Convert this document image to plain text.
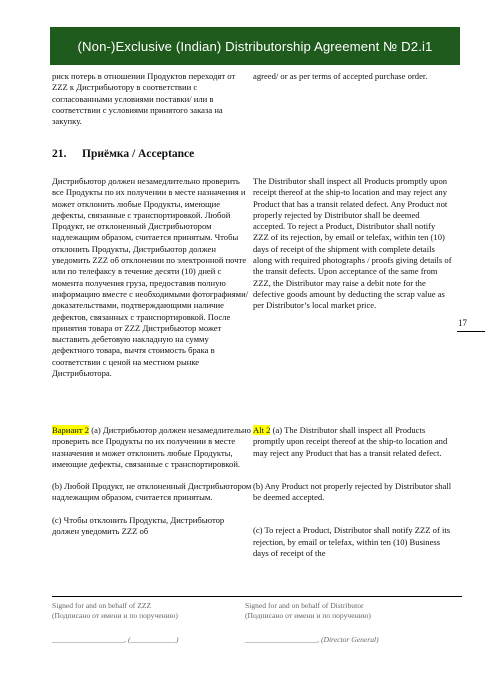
(Non-)Exclusive (Indian) Distributorship Agreement № D2.i1

риск потерь в отношении Продуктов переходят от ZZZ к Дистрибьютору в соответствии с согласованными условиями поставки/ или в соответствии с условиями принятого заказа на закупку.

agreed/ or as per terms of accepted purchase order.

21. Приёмка / Acceptance

Дистрибьютор должен незамедлительно проверить все Продукты по их получении в месте назначения и может отклонить любые Продукты, имеющие дефекты, связанные с транспортировкой. Любой Продукт, не отклоненный Дистрибьютором надлежащим образом, считается принятым. Чтобы отклонить Продукты, Дистрибьютор должен уведомить ZZZ об отклонении по электронной почте или по телефаксу в течение десяти (10) дней с момента получения груза, предоставив полную информацию вместе с необходимыми фотографиями/доказательствами, подтверждающими наличие дефектов, связанных с транспортировкой. После принятия товара от ZZZ Дистрибьютор может выставить дебетовую накладную на сумму дефектного товара, вычтя стоимость брака в соответствии с ценой на местном рынке Дистрибьютора.

The Distributor shall inspect all Products promptly upon receipt thereof at the ship-to location and may reject any Product that has a transit related defect. Any Product not properly rejected by Distributor shall be deemed accepted. To reject a Product, Distributor shall notify ZZZ of its rejection, by email or telefax, within ten (10) days of receipt of the shipment with complete details along with required photographs / proofs giving details of the transit defects. Upon acceptance of the same from ZZZ, the Distributor may raise a debit note for the defective goods amount by deducting the scrap value as per Distributor’s local market price.

Вариант 2 (a) Дистрибьютор должен незамедлительно проверить все Продукты по их получении в месте назначения и может отклонить любые Продукты, имеющие дефекты, связанные с транспортировкой.

(b) Любой Продукт, не отклоненный Дистрибьютором надлежащим образом, считается принятым.

(c) Чтобы отклонить Продукты, Дистрибьютор должен уведомить ZZZ об

Alt 2 (a) The Distributor shall inspect all Products promptly upon receipt thereof at the ship-to location and may reject any Product that has a transit related defect.

(b) Any Product not properly rejected by Distributor shall be deemed accepted.

(c) To reject a Product, Distributor shall notify ZZZ of its rejection, by email or telefax, within ten (10) Business days of receipt of the

17

Signed for and on behalf of ZZZ

(Подписано от имени и по поручению)

___________________, (____________)

Signed for and on behalf of Distributor

(Подписано от имени и по поручению)

___________________, (Director General)
